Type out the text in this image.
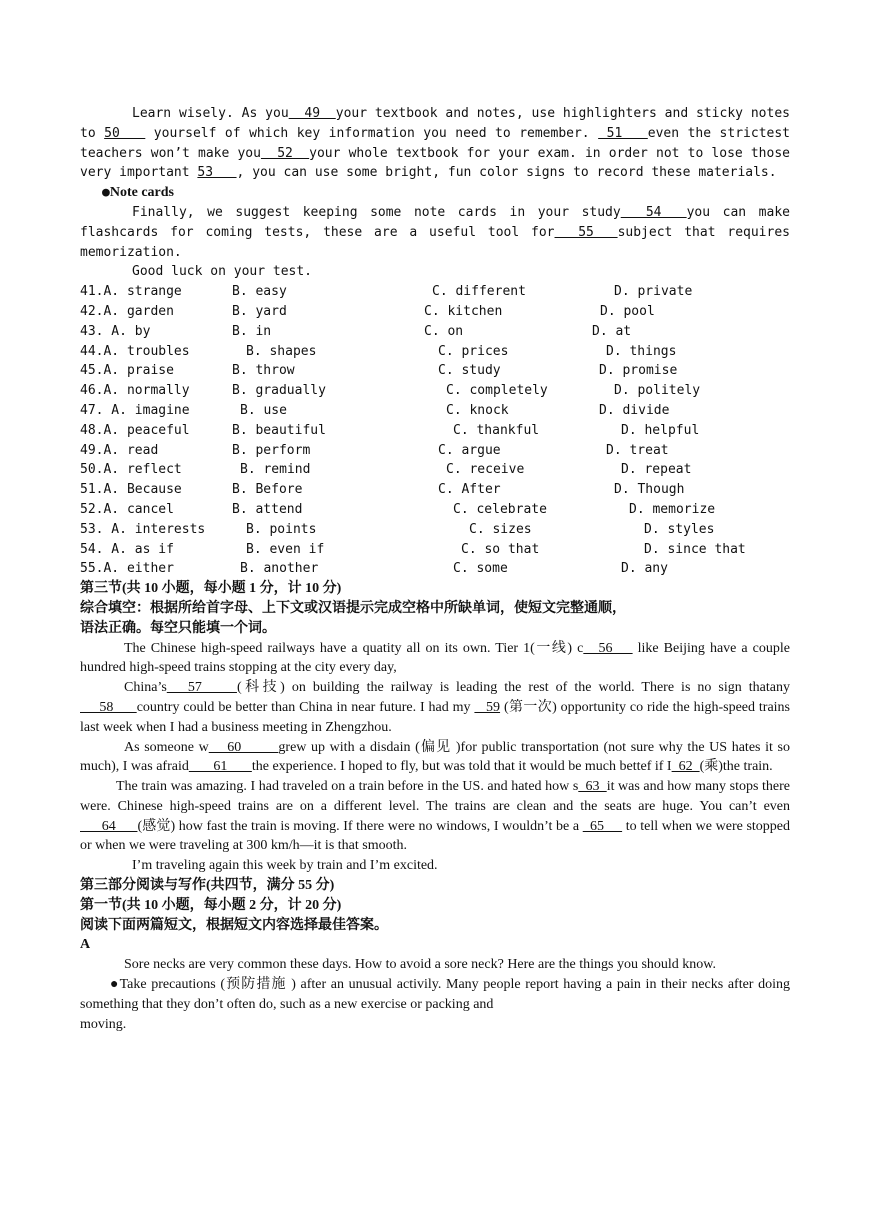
Learn wisely. As you  49  your textbook and notes, use highlighters and sticky notes to 50    yourself of which key information you need to remember.  51   even the strictest teachers won’t make you  52  your whole textbook for your exam. in order not to lose those very important 53   , you can use some bright, fun color signs to record these materials.

●Note cards

Finally, we suggest keeping some note cards in your study  54  you can make flashcards for coming tests, these are a useful tool for  55  subject that requires memorization.

Good luck on your test.

41.A. strange	B. easy	C. different	D. private
42.A. garden	B. yard	C. kitchen	D. pool
43. A. by	B. in	C. on	D. at
44.A. troubles	B. shapes	C. prices	D. things
45.A. praise	B. throw	C. study	D. promise
46.A. normally	B. gradually	C. completely	D. politely
47. A. imagine	B. use	C. knock	D. divide
48.A. peaceful	B. beautiful	C. thankful	D. helpful
49.A. read	B. perform	C. argue	D. treat
50.A. reflect	B. remind	C. receive	D. repeat
51.A. Because	B. Before	C. After	D. Though
52.A. cancel	B. attend	C. celebrate	D. memorize
53. A. interests	B. points	C. sizes	D. styles
54. A. as if	B. even if	C. so that	D. since that
55.A. either	B. another	C. some	D. any

第三节(共 10 小题，每小题 1 分，计 10 分)

综合填空：根据所给首字母、上下文或汉语提示完成空格中所缺单词，使短文完整通顺，

语法正确。每空只能填一个词。

The Chinese high-speed railways have a quatity all on its own. Tier 1(一线) c   56     like Beijing have a couple hundred high-speed trains stopping at the city every day,

China’s   57     (科技) on building the railway is leading the rest of the world. There is no sign thatany     58      country could be better than China in near future. I had my    59 (第一次) opportunity co ride the high-speed trains last week when I had a business meeting in Zhengzhou.

As someone w    60        grew up with a disdain (偏见 )for public transportation (not sure why the US hates it so much), I was afraid       61       the experience. I hoped to fly, but was told that it would be much bettef if I  62  (乘)the train.

The train was amazing. I had traveled on a train before in the US. and hated how s  63  it was and how many stops there were. Chinese high-speed trains are on a different level. The trains are clean and the seats are huge. You can’t even      64      (感觉) how fast the train is moving. If there were no windows, I wouldn’t be a   65      to tell when we were stopped or when we were traveling at 300 km/h—it is that smooth.

I’m traveling again this week by train and I’m excited.

第三部分阅读与写作(共四节，满分 55 分)

第一节(共 10 小题，每小题 2 分，计 20 分)

阅读下面两篇短文，根据短文内容选择最佳答案。

A

Sore necks are very common these days. How to avoid a sore neck? Here are the things you should know.

●Take precautions (预防措施 ) after an unusual activily. Many people report having a pain in their necks after doing something that they don’t often do, such as a new exercise or packing and

moving.
